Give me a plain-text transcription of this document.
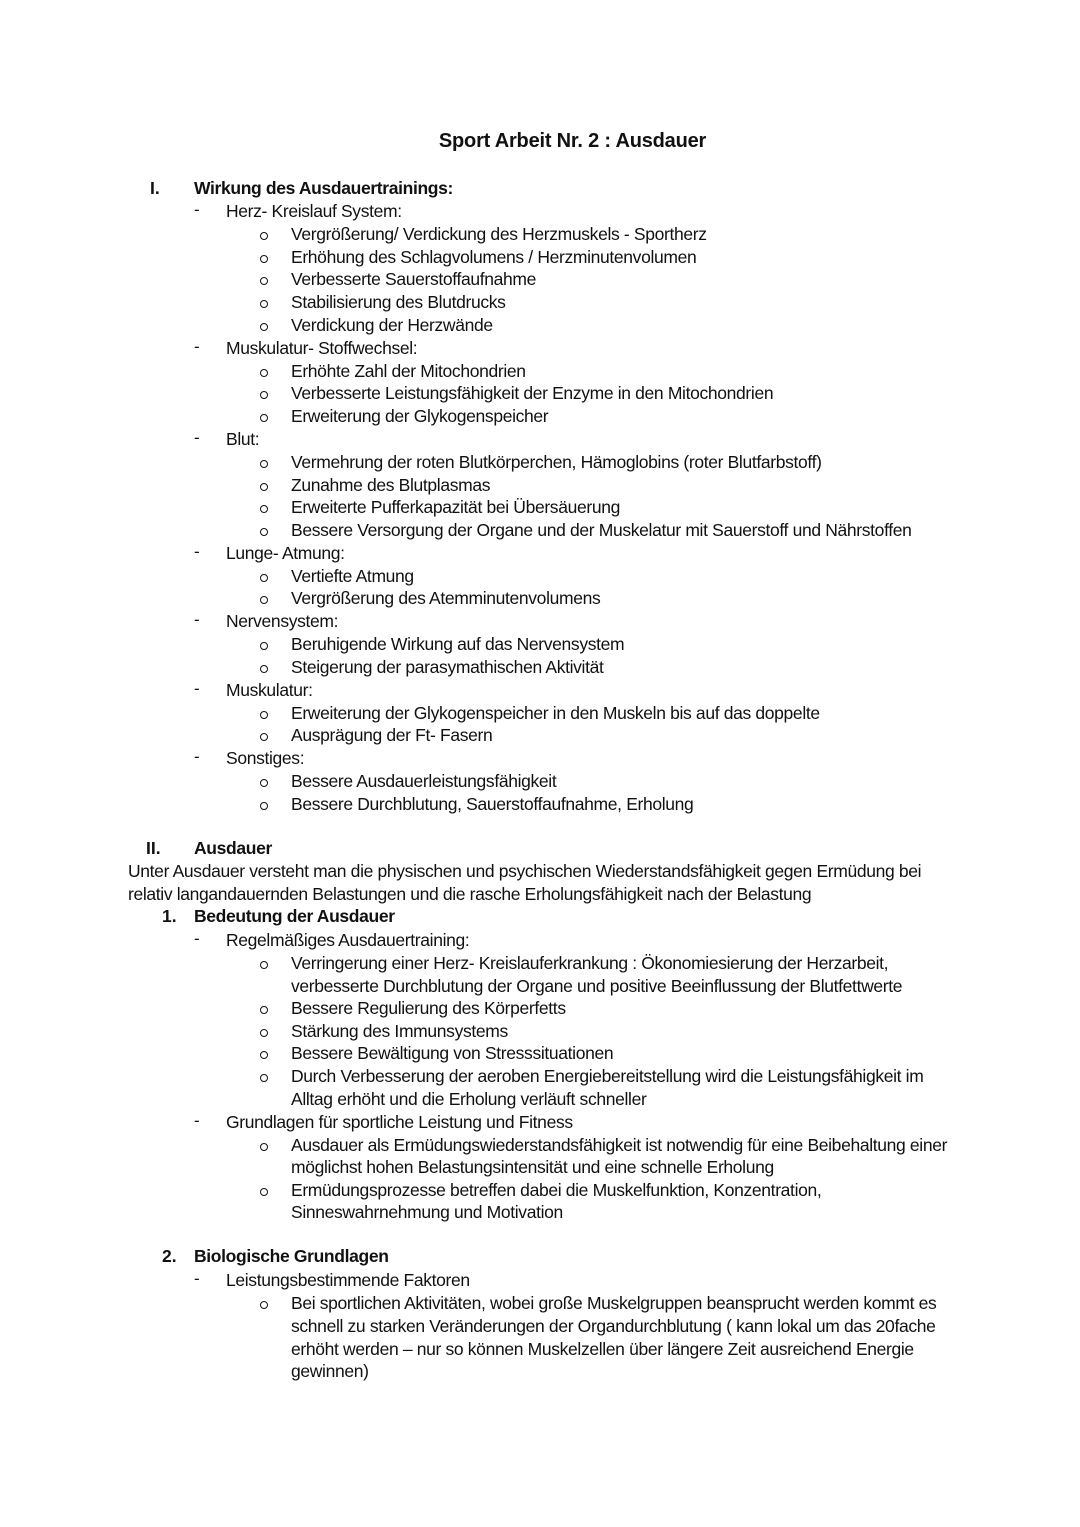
Sport Arbeit Nr. 2 : Ausdauer
I. Wirkung des Ausdauertrainings:
- Herz- Kreislauf System:
Vergrößerung/ Verdickung des Herzmuskels - Sportherz
Erhöhung des Schlagvolumens / Herzminutenvolumen
Verbesserte Sauerstoffaufnahme
Stabilisierung des Blutdrucks
Verdickung der Herzwände
- Muskulatur- Stoffwechsel:
Erhöhte Zahl der Mitochondrien
Verbesserte Leistungsfähigkeit der Enzyme in den Mitochondrien
Erweiterung der Glykogenspeicher
- Blut:
Vermehrung der roten Blutkörperchen, Hämoglobins (roter Blutfarbstoff)
Zunahme des Blutplasmas
Erweiterte Pufferkapazität bei Übersäuerung
Bessere Versorgung der Organe und der Muskelatur mit Sauerstoff und Nährstoffen
- Lunge- Atmung:
Vertiefte Atmung
Vergrößerung des Atemminutenvolumens
- Nervensystem:
Beruhigende Wirkung auf das Nervensystem
Steigerung der parasymathischen Aktivität
- Muskulatur:
Erweiterung der Glykogenspeicher in den Muskeln bis auf das doppelte
Ausprägung der Ft- Fasern
- Sonstiges:
Bessere Ausdauerleistungsfähigkeit
Bessere Durchblutung, Sauerstoffaufnahme, Erholung
II. Ausdauer
Unter Ausdauer versteht man die physischen und psychischen Wiederstandsfähigkeit gegen Ermüdung bei
relativ langandauernden Belastungen und die rasche Erholungsfähigkeit nach der Belastung
1. Bedeutung der Ausdauer
- Regelmäßiges Ausdauertraining:
Verringerung einer Herz- Kreislauferkrankung : Ökonomiesierung der Herzarbeit,
verbesserte Durchblutung der Organe und positive Beeinflussung der Blutfettwerte
Bessere Regulierung des Körperfetts
Stärkung des Immunsystems
Bessere Bewältigung von Stresssituationen
Durch Verbesserung der aeroben Energiebereitstellung wird die Leistungsfähigkeit im
Alltag erhöht und die Erholung verläuft schneller
- Grundlagen für sportliche Leistung und Fitness
Ausdauer als Ermüdungswiederstandsfähigkeit ist notwendig für eine Beibehaltung einer
möglichst hohen Belastungsintensität und eine schnelle Erholung
Ermüdungsprozesse betreffen dabei die Muskelfunktion, Konzentration,
Sinneswahrnehmung und Motivation
2. Biologische Grundlagen
- Leistungsbestimmende Faktoren
Bei sportlichen Aktivitäten, wobei große Muskelgruppen beansprucht werden kommt es
schnell zu starken Veränderungen der Organdurchblutung ( kann lokal um das 20fache
erhöht werden – nur so können Muskelzellen über längere Zeit ausreichend Energie
gewinnen)
